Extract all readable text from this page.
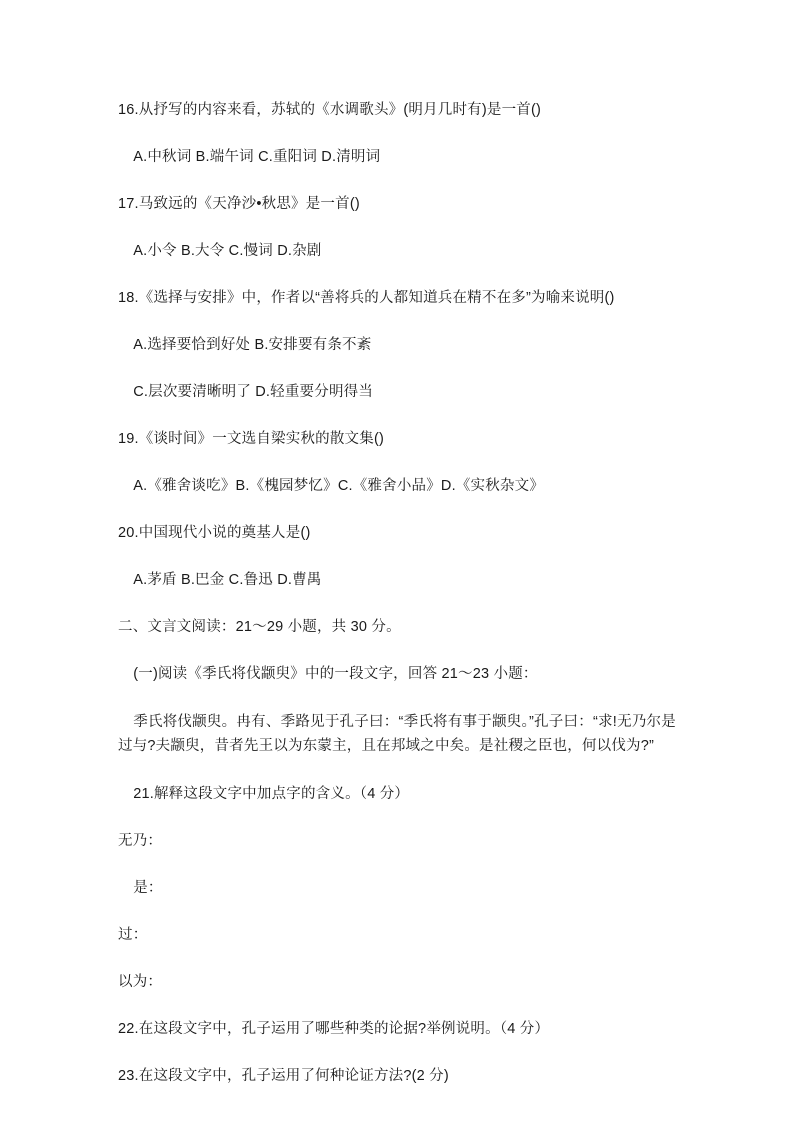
16.从抒写的内容来看，苏轼的《水调歌头》(明月几时有)是一首()

A.中秋词 B.端午词 C.重阳词 D.清明词

17.马致远的《天净沙•秋思》是一首()

A.小令 B.大令 C.慢词 D.杂剧

18.《选择与安排》中，作者以“善将兵的人都知道兵在精不在多”为喻来说明()

A.选择要恰到好处 B.安排要有条不紊

C.层次要清晰明了 D.轻重要分明得当

19.《谈时间》一文选自梁实秋的散文集()

A.《雅舍谈吃》B.《槐园梦忆》C.《雅舍小品》D.《实秋杂文》

20.中国现代小说的奠基人是()

A.茅盾 B.巴金 C.鲁迅 D.曹禺

二、文言文阅读：21～29 小题，共 30 分。

(一)阅读《季氏将伐颛臾》中的一段文字，回答 21～23 小题：

季氏将伐颛臾。冉有、季路见于孔子曰：“季氏将有事于颛臾。”孔子曰：“求!无乃尔是过与?夫颛臾，昔者先王以为东蒙主，且在邦域之中矣。是社稷之臣也，何以伐为?”

21.解释这段文字中加点字的含义。（4 分）

无乃：

是：

过：

以为：

22.在这段文字中，孔子运用了哪些种类的论据?举例说明。（4 分）

23.在这段文字中，孔子运用了何种论证方法?(2 分)
